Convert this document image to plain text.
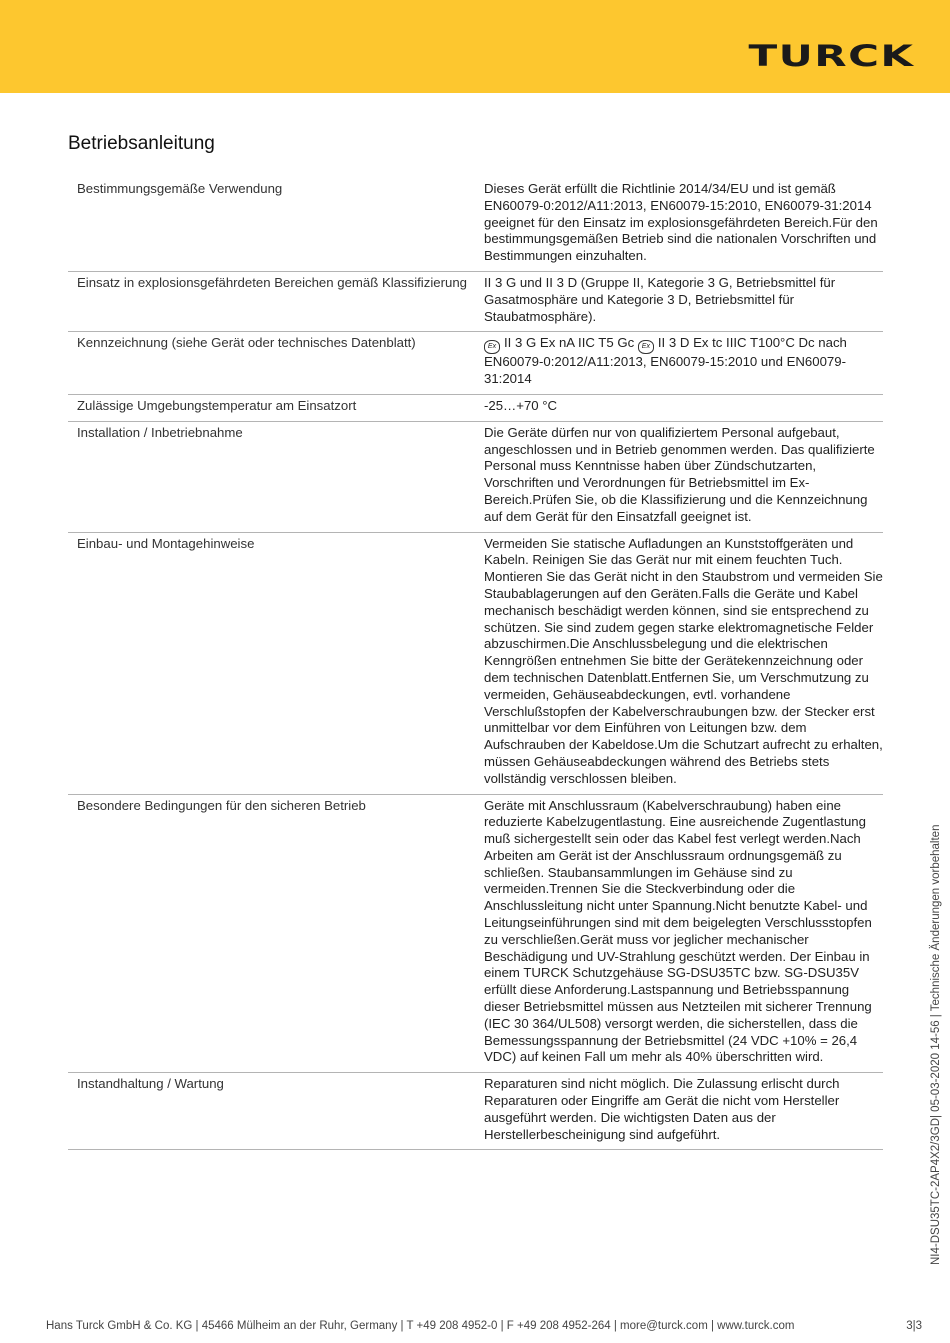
TURCK
Betriebsanleitung
Bestimmungsgemäße Verwendung	Dieses Gerät erfüllt die Richtlinie 2014/34/EU und ist gemäß EN60079-0:2012/A11:2013, EN60079-15:2010, EN60079-31:2014 geeignet für den Einsatz im explosionsgefährdeten Bereich.Für den bestimmungsgemäßen Betrieb sind die nationalen Vorschriften und Bestimmungen einzuhalten.
Einsatz in explosionsgefährdeten Bereichen gemäß Klassifizierung	II 3 G und II 3 D (Gruppe II, Kategorie 3 G, Betriebsmittel für Gasatmosphäre und Kategorie 3 D, Betriebsmittel für Staubatmosphäre).
Kennzeichnung (siehe Gerät oder technisches Datenblatt)	Ex II 3 G Ex nA IIC T5 Gc Ex II 3 D Ex tc IIIC T100°C Dc nach EN60079-0:2012/A11:2013, EN60079-15:2010 und EN60079-31:2014
Zulässige Umgebungstemperatur am Einsatzort	-25…+70 °C
Installation / Inbetriebnahme	Die Geräte dürfen nur von qualifiziertem Personal aufgebaut, angeschlossen und in Betrieb genommen werden. Das qualifizierte Personal muss Kenntnisse haben über Zündschutzarten, Vorschriften und Verordnungen für Betriebsmittel im Ex-Bereich.Prüfen Sie, ob die Klassifizierung und die Kennzeichnung auf dem Gerät für den Einsatzfall geeignet ist.
Einbau- und Montagehinweise	Vermeiden Sie statische Aufladungen an Kunststoffgeräten und Kabeln. Reinigen Sie das Gerät nur mit einem feuchten Tuch. Montieren Sie das Gerät nicht in den Staubstrom und vermeiden Sie Staubablagerungen auf den Geräten.Falls die Geräte und Kabel mechanisch beschädigt werden können, sind sie entsprechend zu schützen. Sie sind zudem gegen starke elektromagnetische Felder abzuschirmen.Die Anschlussbelegung und die elektrischen Kenngrößen entnehmen Sie bitte der Gerätekennzeichnung oder dem technischen Datenblatt.Entfernen Sie, um Verschmutzung zu vermeiden, Gehäuseabdeckungen, evtl. vorhandene Verschlußstopfen der Kabelverschraubungen bzw. der Stecker erst unmittelbar vor dem Einführen von Leitungen bzw. dem Aufschrauben der Kabeldose.Um die Schutzart aufrecht zu erhalten, müssen Gehäuseabdeckungen während des Betriebs stets vollständig verschlossen bleiben.
Besondere Bedingungen für den sicheren Betrieb	Geräte mit Anschlussraum (Kabelverschraubung) haben eine reduzierte Kabelzugentlastung. Eine ausreichende Zugentlastung muß sichergestellt sein oder das Kabel fest verlegt werden.Nach Arbeiten am Gerät ist der Anschlussraum ordnungsgemäß zu schließen. Staubansammlungen im Gehäuse sind zu vermeiden.Trennen Sie die Steckverbindung oder die Anschlussleitung nicht unter Spannung.Nicht benutzte Kabel- und Leitungseinführungen sind mit dem beigelegten Verschlussstopfen zu verschließen.Gerät muss vor jeglicher mechanischer Beschädigung und UV-Strahlung geschützt werden. Der Einbau in einem TURCK Schutzgehäuse SG-DSU35TC bzw. SG-DSU35V erfüllt diese Anforderung.Lastspannung und Betriebsspannung dieser Betriebsmittel müssen aus Netzteilen mit sicherer Trennung (IEC 30 364/UL508) versorgt werden, die sicherstellen, dass die Bemessungsspannung der Betriebsmittel (24 VDC +10% = 26,4 VDC) auf keinen Fall um mehr als 40% überschritten wird.
Instandhaltung / Wartung	Reparaturen sind nicht möglich. Die Zulassung erlischt durch Reparaturen oder Eingriffe am Gerät die nicht vom Hersteller ausgeführt werden. Die wichtigsten Daten aus der Herstellerbescheinigung sind aufgeführt.	NI4-DSU35TC-2AP4X2/3GD| 05-03-2020 14-56 | Technische Änderungen vorbehalten
Hans Turck GmbH & Co. KG | 45466 Mülheim an der Ruhr, Germany | T +49 208 4952-0 | F +49 208 4952-264 | more@turck.com | www.turck.com	3|3
